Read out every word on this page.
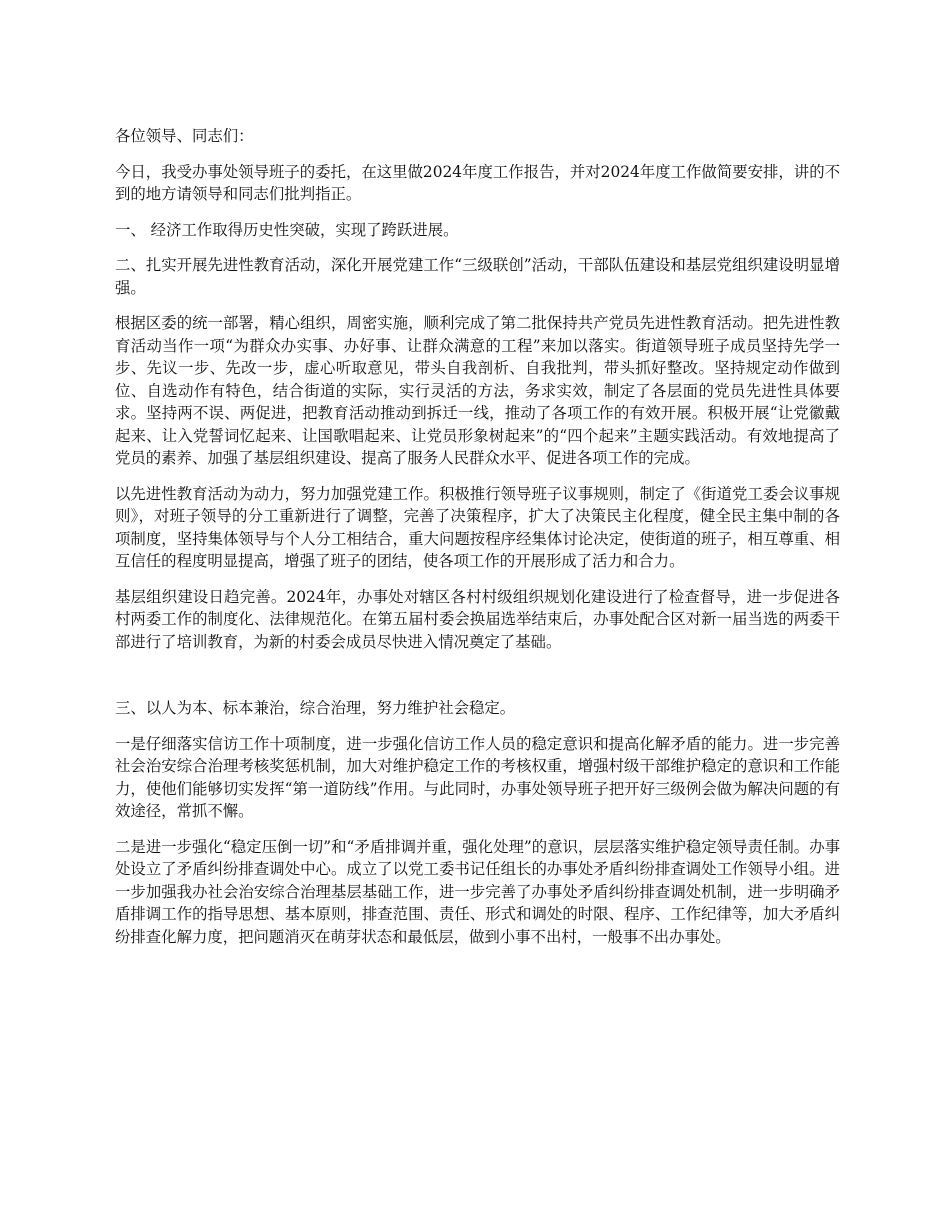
各位领导、同志们：

今日，我受办事处领导班子的委托，在这里做2024年度工作报告，并对2024年度工作做简要安排，讲的不到的地方请领导和同志们批判指正。

一、 经济工作取得历史性突破，实现了跨跃进展。

二、扎实开展先进性教育活动，深化开展党建工作“三级联创”活动，干部队伍建设和基层党组织建设明显增强。

根据区委的统一部署，精心组织，周密实施，顺利完成了第二批保持共产党员先进性教育活动。把先进性教育活动当作一项“为群众办实事、办好事、让群众满意的工程”来加以落实。街道领导班子成员坚持先学一步、先议一步、先改一步，虚心听取意见，带头自我剖析、自我批判，带头抓好整改。坚持规定动作做到位、自选动作有特色，结合街道的实际，实行灵活的方法，务求实效，制定了各层面的党员先进性具体要求。坚持两不误、两促进，把教育活动推动到拆迁一线，推动了各项工作的有效开展。积极开展“让党徽戴起来、让入党誓词忆起来、让国歌唱起来、让党员形象树起来”的“四个起来”主题实践活动。有效地提高了党员的素养、加强了基层组织建设、提高了服务人民群众水平、促进各项工作的完成。

以先进性教育活动为动力，努力加强党建工作。积极推行领导班子议事规则，制定了《街道党工委会议事规则》，对班子领导的分工重新进行了调整，完善了决策程序，扩大了决策民主化程度，健全民主集中制的各项制度，坚持集体领导与个人分工相结合，重大问题按程序经集体讨论决定，使街道的班子，相互尊重、相互信任的程度明显提高，增强了班子的团结，使各项工作的开展形成了活力和合力。

基层组织建设日趋完善。2024年，办事处对辖区各村村级组织规划化建设进行了检查督导，进一步促进各村两委工作的制度化、法律规范化。在第五届村委会换届选举结束后，办事处配合区对新一届当选的两委干部进行了培训教育，为新的村委会成员尽快进入情况奠定了基础。

三、以人为本、标本兼治，综合治理，努力维护社会稳定。

一是仔细落实信访工作十项制度，进一步强化信访工作人员的稳定意识和提高化解矛盾的能力。进一步完善社会治安综合治理考核奖惩机制，加大对维护稳定工作的考核权重，增强村级干部维护稳定的意识和工作能力，使他们能够切实发挥“第一道防线”作用。与此同时，办事处领导班子把开好三级例会做为解决问题的有效途径，常抓不懈。

二是进一步强化“稳定压倒一切”和“矛盾排调并重，强化处理”的意识，层层落实维护稳定领导责任制。办事处设立了矛盾纠纷排查调处中心。成立了以党工委书记任组长的办事处矛盾纠纷排查调处工作领导小组。进一步加强我办社会治安综合治理基层基础工作，进一步完善了办事处矛盾纠纷排查调处机制，进一步明确矛盾排调工作的指导思想、基本原则，排查范围、责任、形式和调处的时限、程序、工作纪律等，加大矛盾纠纷排查化解力度，把问题消灭在萌芽状态和最低层，做到小事不出村，一般事不出办事处。
